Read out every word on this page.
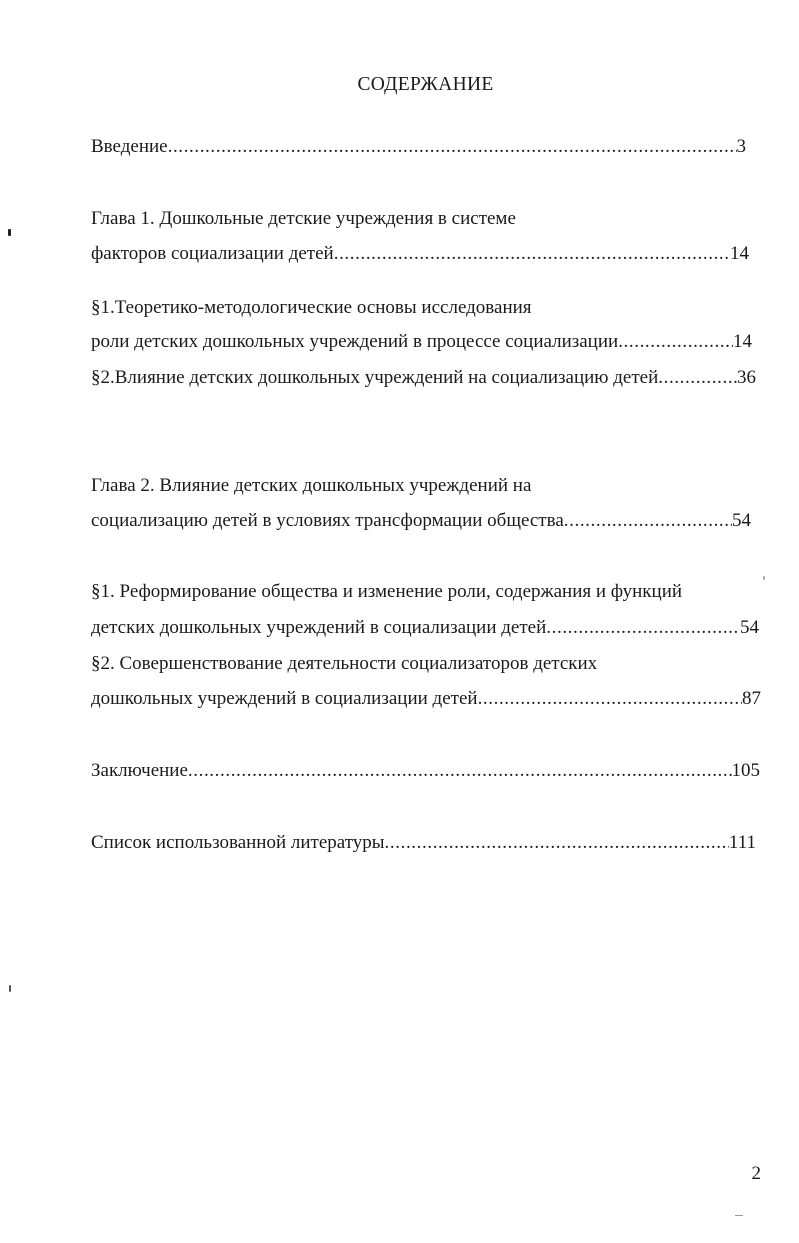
СОДЕРЖАНИЕ
Введение .....	3
Глава 1. Дошкольные детские учреждения в системе
факторов социализации детей .....	14
§1.Теоретико-методологические основы исследования
роли детских дошкольных учреждений в процессе социализации .....	14
§2.Влияние детских дошкольных учреждений на социализацию детей .....	36
Глава 2. Влияние детских дошкольных учреждений на
социализацию детей в условиях трансформации общества .....	54
§1. Реформирование общества и изменение роли, содержания и функций
детских дошкольных учреждений в социализации детей .....	54
§2. Совершенствование деятельности социализаторов детских
дошкольных учреждений в социализации детей .....	87
Заключение .....	105
Список использованной литературы .....	111
2
